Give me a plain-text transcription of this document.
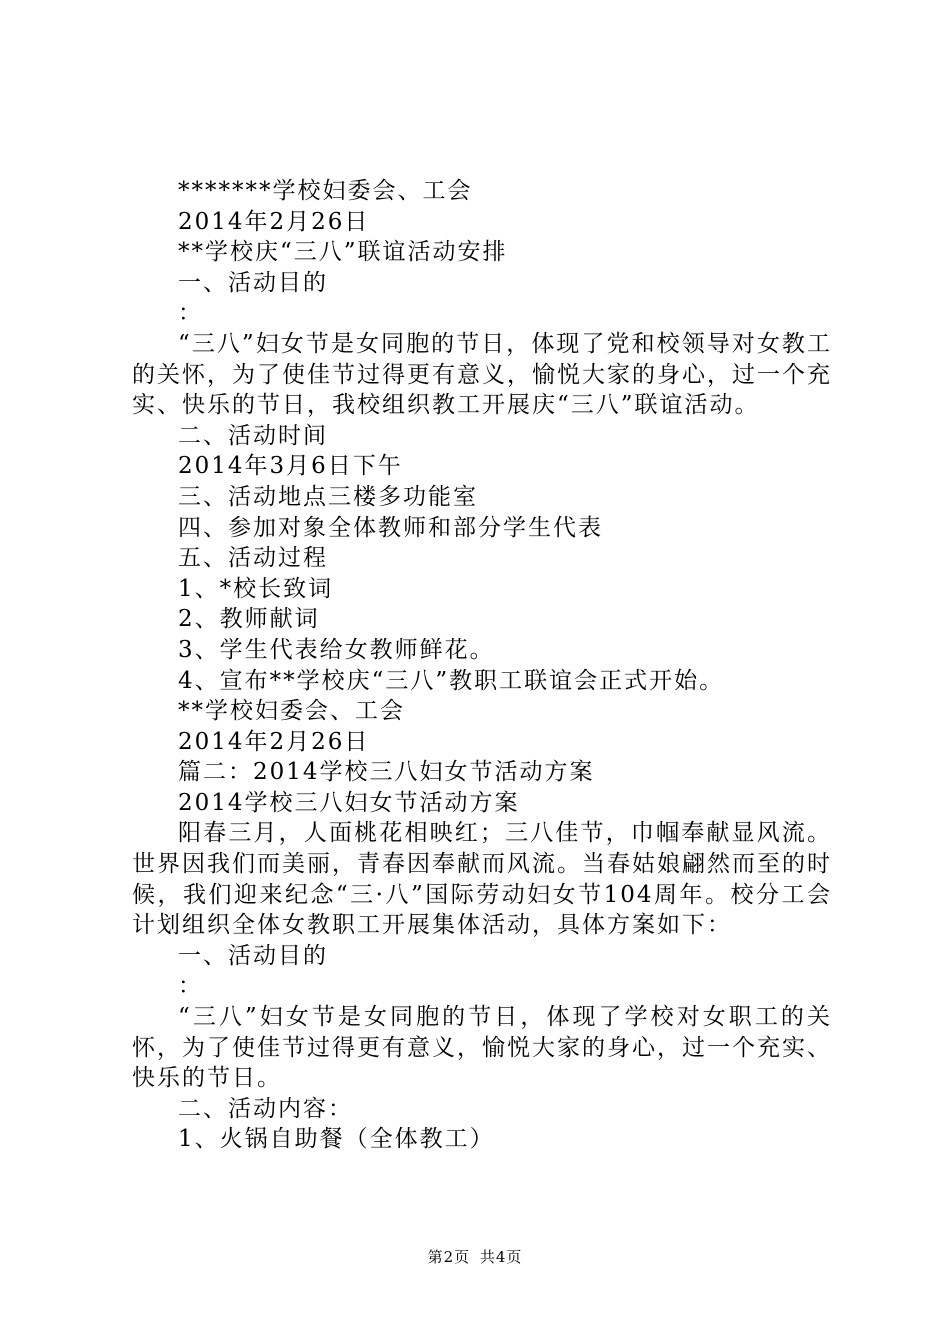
*******学校妇委会、工会
2014年2月26日
**学校庆“三八”联谊活动安排
一、活动目的
：
“三八”妇女节是女同胞的节日，体现了党和校领导对女教工的关怀，为了使佳节过得更有意义，愉悦大家的身心，过一个充实、快乐的节日，我校组织教工开展庆“三八”联谊活动。
二、活动时间
2014年3月6日下午
三、活动地点三楼多功能室
四、参加对象全体教师和部分学生代表
五、活动过程
1、*校长致词
2、教师献词
3、学生代表给女教师鲜花。
4、宣布**学校庆“三八”教职工联谊会正式开始。
**学校妇委会、工会
2014年2月26日
篇二：2014学校三八妇女节活动方案
2014学校三八妇女节活动方案
阳春三月，人面桃花相映红；三八佳节，巾帼奉献显风流。世界因我们而美丽，青春因奉献而风流。当春姑娘翩然而至的时候，我们迎来纪念“三·八”国际劳动妇女节104周年。校分工会计划组织全体女教职工开展集体活动，具体方案如下：
一、活动目的
：
“三八”妇女节是女同胞的节日，体现了学校对女职工的关怀，为了使佳节过得更有意义，愉悦大家的身心，过一个充实、快乐的节日。
二、活动内容：
1、火锅自助餐（全体教工）
第2页 共4页
